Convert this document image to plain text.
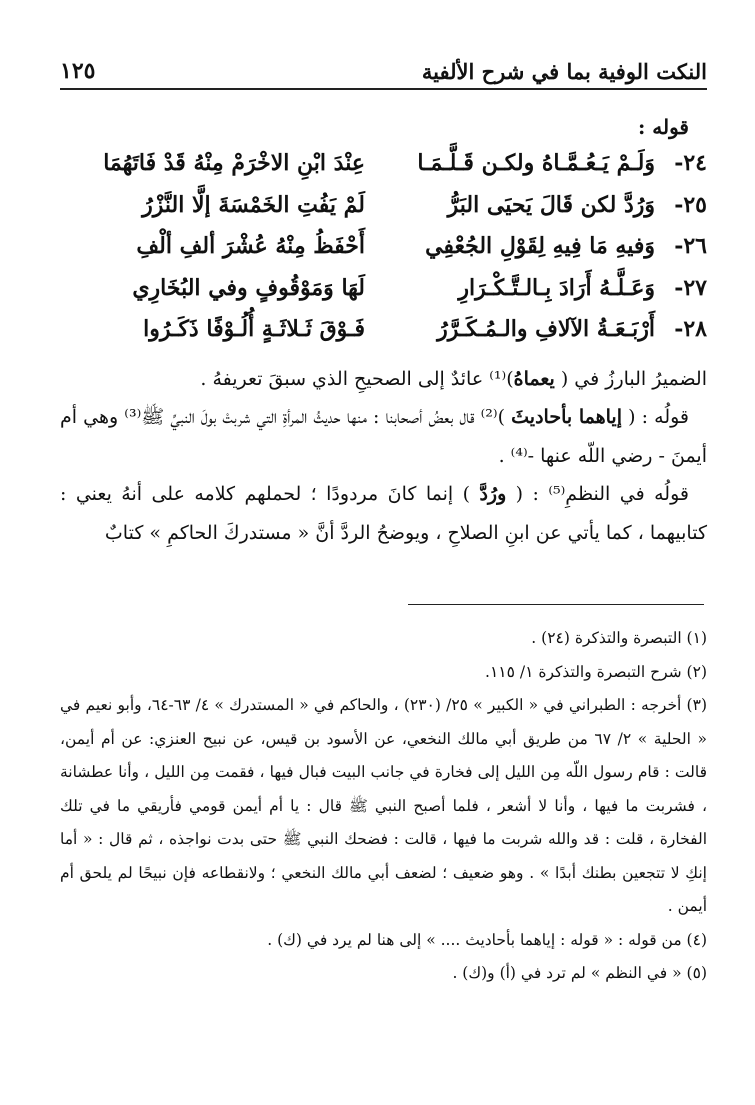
النكت الوفية بما في شرح الألفية
١٢٥
قوله :
٢٤-
وَلَـمْ يَـعُـمَّـاهُ ولكـن قَـلَّـمَـا
عِنْدَ ابْنِ الاخْرَمْ مِنْهُ قَدْ فَاتَهُمَا
٢٥-
وَرُدَّ لكن قَالَ يَحيَى البَرُّ
لَمْ يَفُتِ الخَمْسَةَ إلَّا النَّزْرُ
٢٦-
وَفيهِ مَا فِيهِ لِقَوْلِ الجُعْفِي
أَحْفَظُ مِنْهُ عُشْرَ ألفِ ألْفِ
٢٧-
وَعَـلَّـهُ أَرَادَ بِـالـتَّـكْـرَارِ
لَهَا وَمَوْقُوفٍ وفي البُخَارِي
٢٨-
أَرْبَـعَـةُ الآلافِ والـمُـكَـرَّرُ
فَـوْقَ ثَـلاثَـةٍ أُلُـوْفًا ذَكَـرُوا

الضميرُ البارزُ في ( يعماهُ)⁽¹⁾ عائدٌ إلى الصحيحِ الذي سبقَ تعريفهُ .

قولُه : ( إياهما بأحاديثَ )⁽²⁾ قال بعضُ أصحابنا : منها حديثُ المرأةِ التي شربتْ بولَ النبيِّ ﷺ⁽³⁾ وهي أم أيمنَ - رضي اللّه عنها -⁽⁴⁾ .

قولُه في النظمِ⁽⁵⁾ : ( ورُدَّ ) إنما كانَ مردودًا ؛ لحملهم كلامه على أنهُ يعني : كتابيهما ، كما يأتي عن ابنِ الصلاحِ ، ويوضحُ الردَّ أنَّ « مستدركَ الحاكمِ » كتابٌ

(١) التبصرة والتذكرة (٢٤) .

(٢) شرح التبصرة والتذكرة ١/ ١١٥.

(٣) أخرجه : الطبراني في « الكبير » ٢٥/ (٢٣٠) ، والحاكم في « المستدرك » ٤/ ٦٣-٦٤، وأبو نعيم في « الحلية » ٢/ ٦٧ من طريق أبي مالك النخعي، عن الأسود بن قيس، عن نبيح العنزي: عن أم أيمن، قالت : قام رسول اللّه مِن الليل إلى فخارة في جانب البيت فبال فيها ، فقمت مِن الليل ، وأنا عطشانة ، فشربت ما فيها ، وأنا لا أشعر ، فلما أصبح النبي ﷺ قال : يا أم أيمن قومي فأريقي ما في تلك الفخارة ، قلت : قد والله شربت ما فيها ، قالت : فضحك النبي ﷺ حتى بدت نواجذه ، ثم قال : « أما إنكِ لا تتجعين بطنك أبدًا » . وهو ضعيف ؛ لضعف أبي مالك النخعي ؛ ولانقطاعه فإن نبيحًا لم يلحق أم أيمن .

(٤) من قوله : « قوله : إياهما بأحاديث .... » إلى هنا لم يرد في (ك) .

(٥) « في النظم » لم ترد في (أ) و(ك) .
